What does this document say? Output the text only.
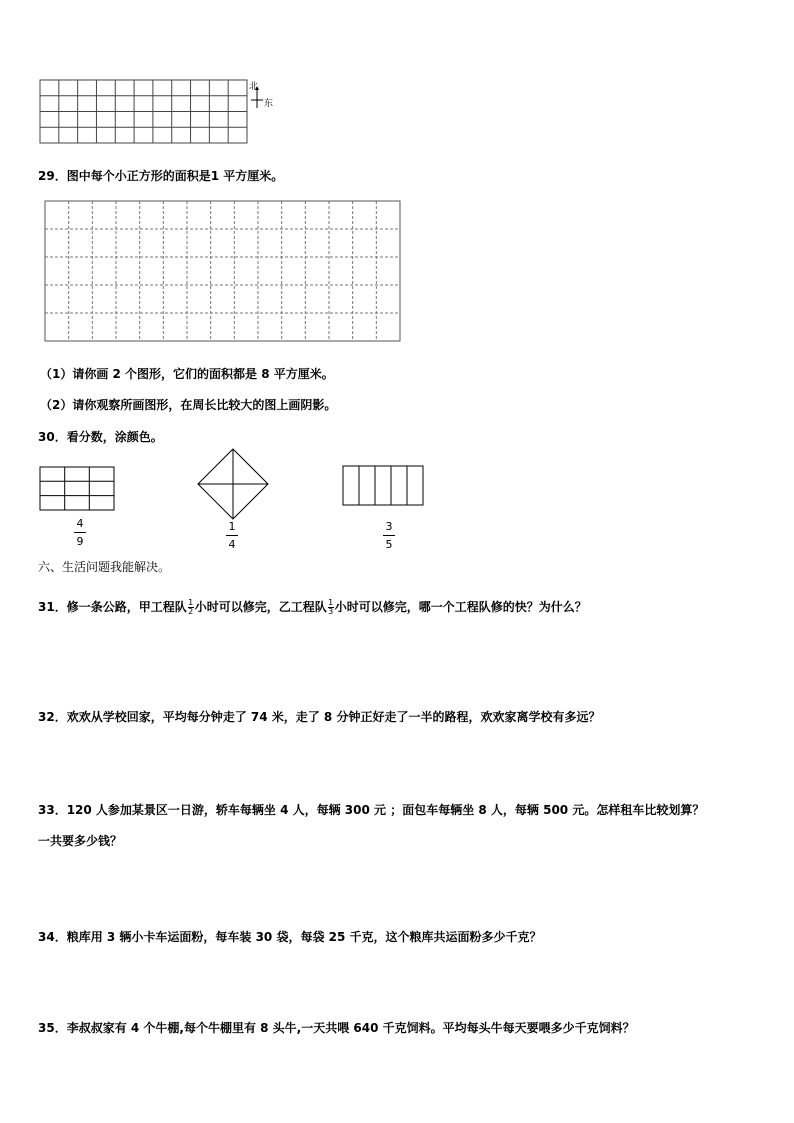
北
东
29．图中每个小正方形的面积是1 平方厘米。
（1）请你画 2 个图形，它们的面积都是 8 平方厘米。
（2）请你观察所画图形，在周长比较大的图上画阴影。
30．看分数，涂颜色。
4
9
1
4
3
5
六、生活问题我能解决。
31．修一条公路，甲工程队 $\frac{1}{2}$ 小时可以修完，乙工程队 $\frac{1}{3}$ 小时可以修完，哪一个工程队修的快？为什么？
32．欢欢从学校回家，平均每分钟走了 74 米，走了 8 分钟正好走了一半的路程，欢欢家离学校有多远？
33．120 人参加某景区一日游，轿车每辆坐 4 人，每辆 300 元 ；面包车每辆坐 8 人，每辆 500 元。怎样租车比较划算？
一共要多少钱？
34．粮库用 3 辆小卡车运面粉，每车装 30 袋，每袋 25 千克，这个粮库共运面粉多少千克？
35．李叔叔家有 4 个牛棚,每个牛棚里有 8 头牛,一天共喂 640 千克饲料。平均每头牛每天要喂多少千克饲料？
